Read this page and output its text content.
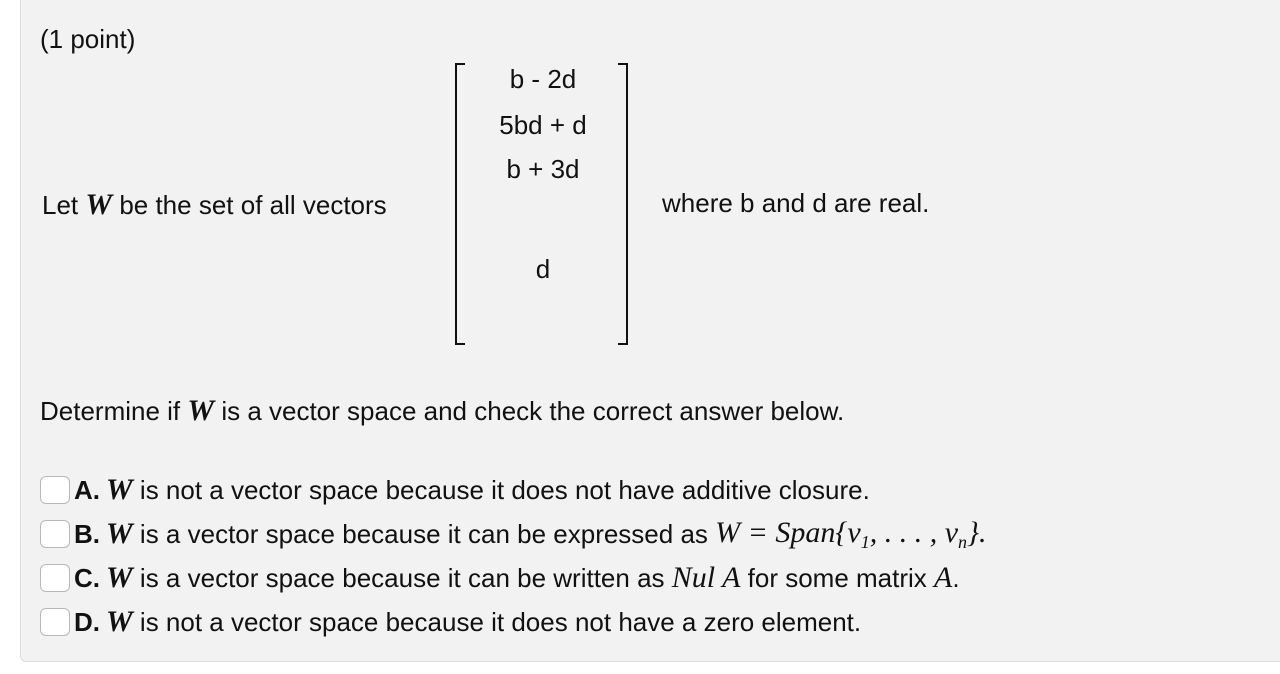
(1 point)
Let W be the set of all vectors
b - 2d
5bd + d
b + 3d
d
where b and d are real.
Determine if W is a vector space and check the correct answer below.
A. W
is not a vector space because it does not have additive closure.
B. W
is a vector space because it can be expressed as
$W = Span\{v_1$, . . . , $v_n$}.
C. W
is a vector space because it can be written as
Nul A
for some matrix
A .
D. W
is not a vector space because it does not have a zero element.
